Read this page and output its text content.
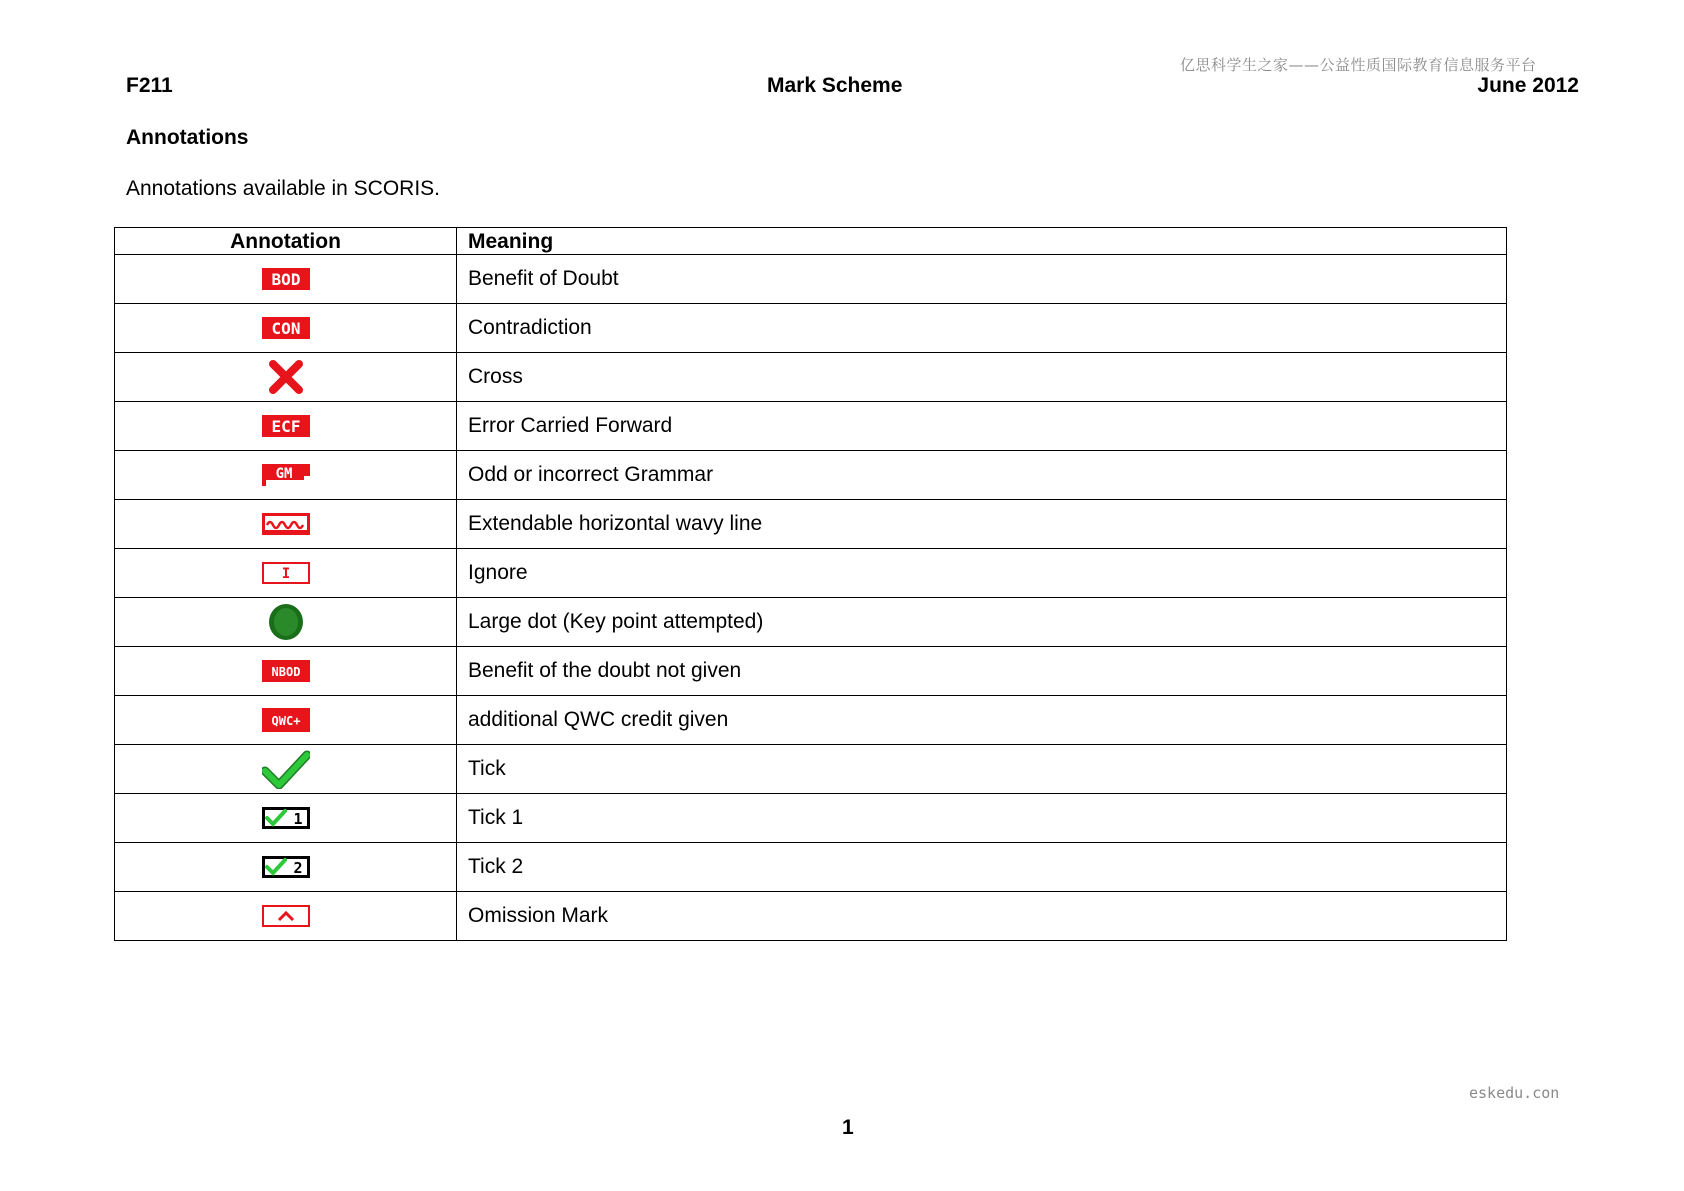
亿思科学生之家——公益性质国际教育信息服务平台
F211	Mark Scheme	June 2012
Annotations
Annotations available in SCORIS.
Annotation	Meaning

BOD	Benefit of Doubt

CON	Contradiction

	Cross

ECF	Error Carried Forward

GM	Odd or incorrect Grammar

	Extendable horizontal wavy line

I	Ignore

	Large dot (Key point attempted)

NBOD	Benefit of the doubt not given

QWC+	additional QWC credit given

	Tick

1	Tick 1

2	Tick 2

	Omission Mark
eskedu.con
1
